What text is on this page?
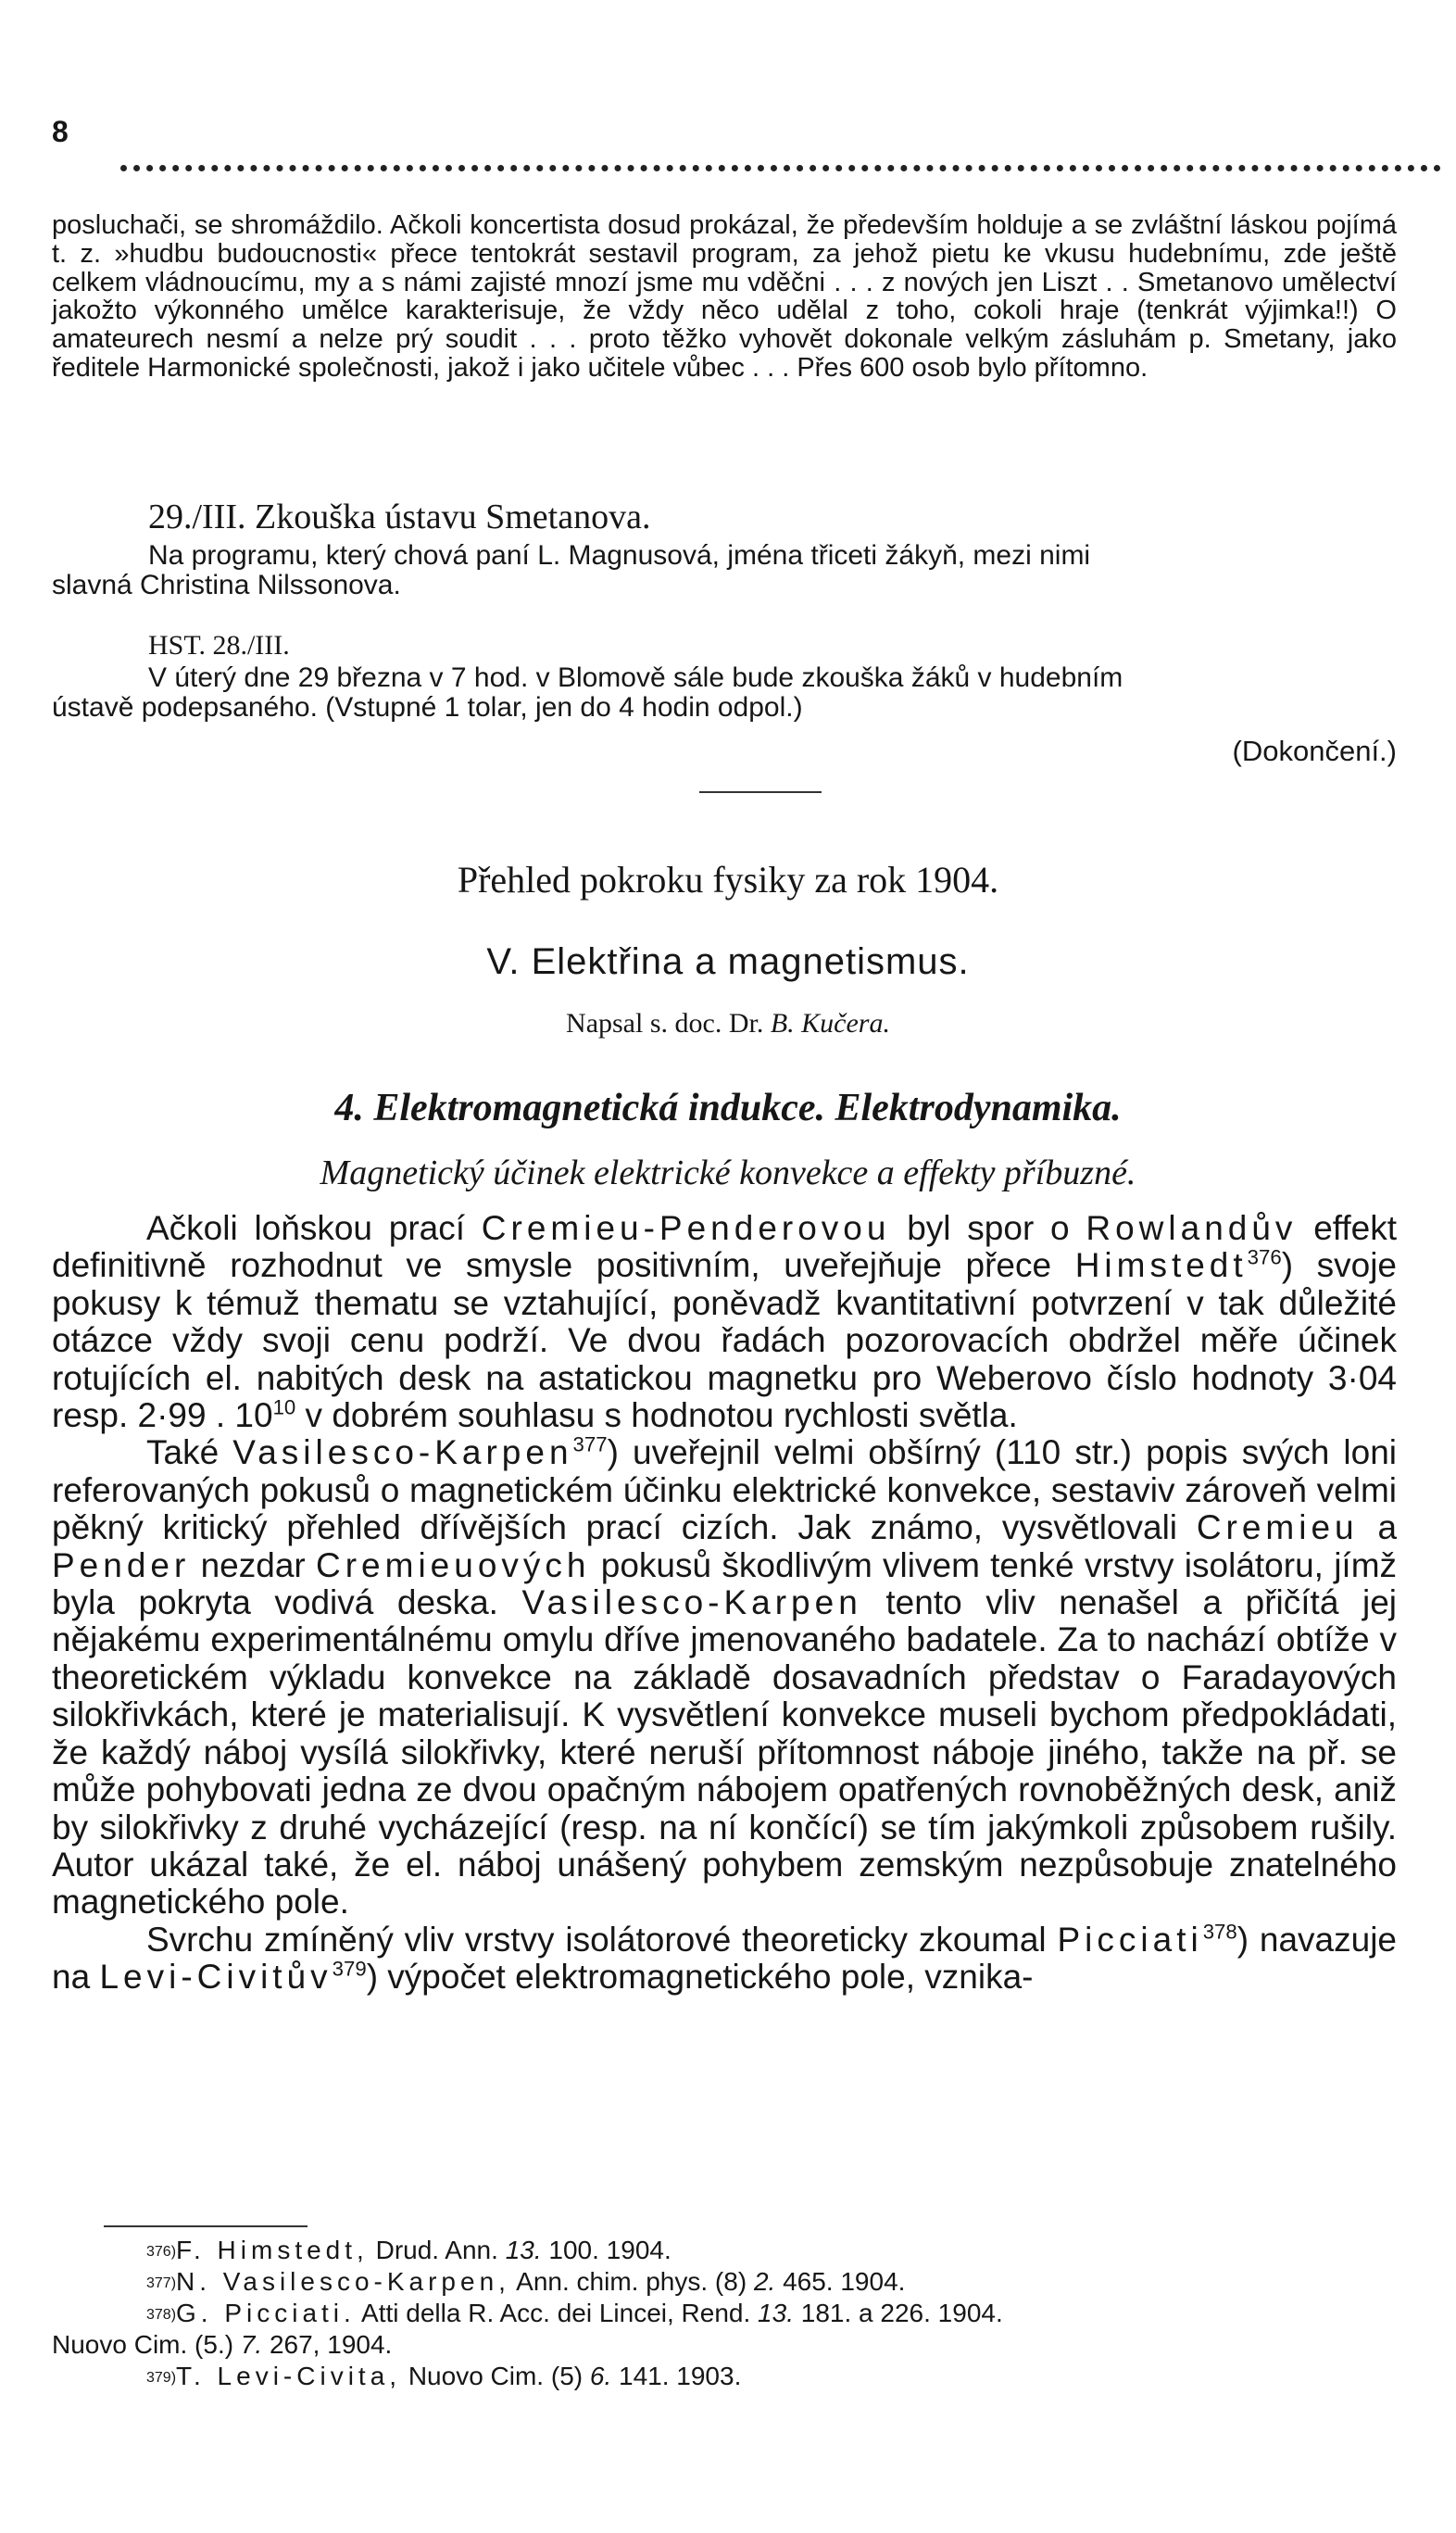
8

posluchači, se shromáždilo. Ačkoli koncertista dosud prokázal, že především holduje a se zvláštní láskou pojímá t. z. »hudbu budoucnosti« přece tentokrát sestavil program, za jehož pietu ke vkusu hudebnímu, zde ještě celkem vládnoucímu, my a s námi zajisté mnozí jsme mu vděčni . . . z nových jen Liszt . . Smetanovo umělectví jakožto výkonného umělce karakterisuje, že vždy něco udělal z toho, cokoli hraje (tenkrát výjimka!!) O amateurech nesmí a nelze prý soudit . . . proto těžko vyhovět dokonale velkým zásluhám p. Smetany, jako ředitele Harmonické společnosti, jakož i jako učitele vůbec . . . Přes 600 osob bylo přítomno.

29./III. Zkouška ústavu Smetanova.

Na programu, který chová paní L. Magnusová, jména třiceti žákyň, mezi nimi

slavná Christina Nilssonova.

HST. 28./III.

V úterý dne 29 března v 7 hod. v Blomově sále bude zkouška žáků v hudebním

ústavě podepsaného. (Vstupné 1 tolar, jen do 4 hodin odpol.)

(Dokončení.)
Přehled pokroku fysiky za rok 1904.
V. Elektřina a magnetismus.
Napsal s. doc. Dr. B. Kučera.
4. Elektromagnetická indukce. Elektrodynamika.
Magnetický účinek elektrické konvekce a effekty příbuzné.

Ačkoli loňskou prací Cremieu-Penderovou byl spor o Rowlandův effekt definitivně rozhodnut ve smysle positivním, uveřejňuje přece Himstedt$^{376}$) svoje pokusy k témuž thematu se vztahující, poněvadž kvantitativní potvrzení v tak důležité otázce vždy svoji cenu podrží. Ve dvou řadách pozorovacích obdržel měře účinek rotujících el. nabitých desk na astatickou magnetku pro Weberovo číslo hodnoty 3·04 resp. 2·99 . $10^{10}$ v dobrém souhlasu s hodnotou rychlosti světla.

Také Vasilesco-Karpen$^{377}$) uveřejnil velmi obšírný (110 str.) popis svých loni referovaných pokusů o magnetickém účinku elektrické konvekce, sestaviv zároveň velmi pěkný kritický přehled dřívějších prací cizích. Jak známo, vysvětlovali Cremieu a Pender nezdar Cremieuových pokusů škodlivým vlivem tenké vrstvy isolátoru, jímž byla pokryta vodivá deska. Vasilesco-Karpen tento vliv nenašel a přičítá jej nějakému experimentálnému omylu dříve jmenovaného badatele. Za to nachází obtíže v theoretickém výkladu konvekce na základě dosavadních představ o Faradayových silokřivkách, které je materialisují. K vysvětlení konvekce museli bychom předpokládati, že každý náboj vysílá silokřivky, které neruší přítomnost náboje jiného, takže na př. se může pohybovati jedna ze dvou opačným nábojem opatřených rovnoběžných desk, aniž by silokřivky z druhé vycházející (resp. na ní končící) se tím jakýmkoli způsobem rušily. Autor ukázal také, že el. náboj unášený pohybem zemským nezpůsobuje znatelného magnetického pole.

Svrchu zmíněný vliv vrstvy isolátorové theoreticky zkoumal Picciati$^{378}$) navazuje na Levi-Civitův$^{379}$) výpočet elektromagnetického pole, vznika-

376) F. Himstedt, Drud. Ann. 13. 100. 1904.

377) N. Vasilesco-Karpen, Ann. chim. phys. (8) 2. 465. 1904.

378) G. Picciati. Atti della R. Acc. dei Lincei, Rend. 13. 181. a 226. 1904.

Nuovo Cim. (5.) 7. 267, 1904.

379) T. Levi-Civita, Nuovo Cim. (5) 6. 141. 1903.
